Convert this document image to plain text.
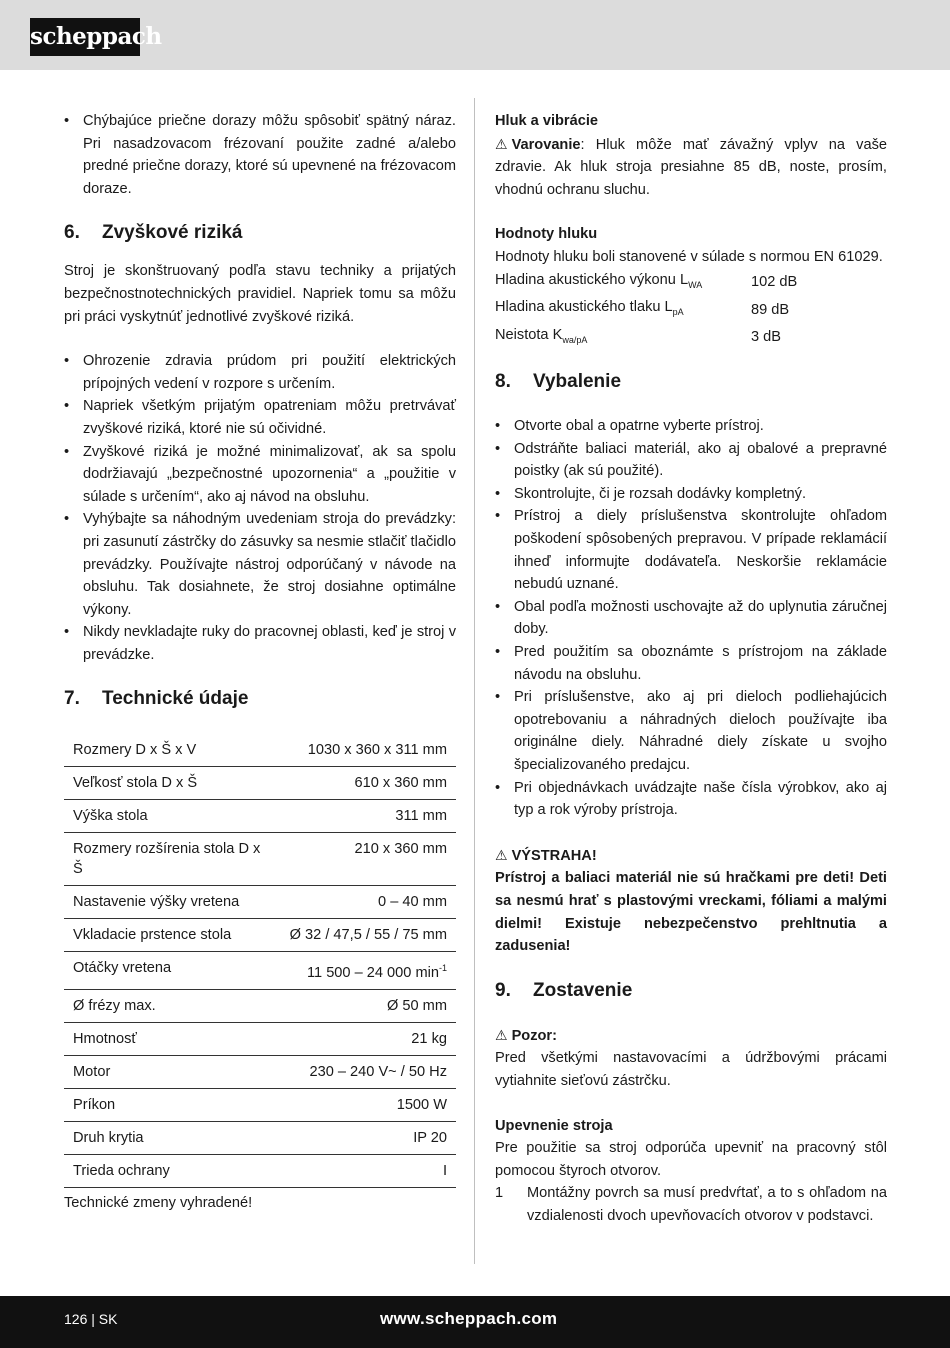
scheppach
• Chýbajúce priečne dorazy môžu spôsobiť spätný náraz. Pri nasadzovacom frézovaní použite zadné a/alebo predné priečne dorazy, ktoré sú upevnené na frézovacom doraze.
6. Zvyškové riziká

Stroj je skonštruovaný podľa stavu techniky a prijatých bezpečnostnotechnických pravidiel. Napriek tomu sa môžu pri práci vyskytnúť jednotlivé zvyškové riziká.

• Ohrozenie zdravia prúdom pri použití elektrických prípojných vedení v rozpore s určením.
• Napriek všetkým prijatým opatreniam môžu pretrvávať zvyškové riziká, ktoré nie sú očividné.
• Zvyškové riziká je možné minimalizovať, ak sa spolu dodržiavajú „bezpečnostné upozornenia“ a „použitie v súlade s určením“, ako aj návod na obsluhu.
• Vyhýbajte sa náhodným uvedeniam stroja do prevádzky: pri zasunutí zástrčky do zásuvky sa nesmie stlačiť tlačidlo prevádzky. Používajte nástroj odporúčaný v návode na obsluhu. Tak dosiahnete, že stroj dosiahne optimálne výkony.
• Nikdy nevkladajte ruky do pracovnej oblasti, keď je stroj v prevádzke.
7. Technické údaje
Rozmery D x Š x V	1030 x 360 x 311 mm
Veľkosť stola D x Š	610 x 360 mm
Výška stola	311 mm
Rozmery rozšírenia stola D x Š	210 x 360 mm
Nastavenie výšky vretena	0 – 40 mm
Vkladacie prstence stola	Ø 32 / 47,5 / 55 / 75 mm
Otáčky vretena	11 500 – 24 000 $\min^{-1}$
Ø frézy max.	Ø 50 mm
Hmotnosť	21 kg
Motor	230 – 240 V~ / 50 Hz
Príkon	1500 W
Druh krytia	IP 20
Trieda ochrany	I

Technické zmeny vyhradené!

Hluk a vibrácie

⚠ Varovanie: Hluk môže mať závažný vplyv na vaše zdravie. Ak hluk stroja presiahne 85 dB, noste, prosím, vhodnú ochranu sluchu.

Hodnoty hluku

Hodnoty hluku boli stanovené v súlade s normou EN 61029.

Hladina akustického výkonu $L_{WA}$	102 dB
Hladina akustického tlaku $L_{pA}$	89 dB
Neistota $K_{wa/pA}$	3 dB
8. Vybalenie
• Otvorte obal a opatrne vyberte prístroj.
• Odstráňte baliaci materiál, ako aj obalové a prepravné poistky (ak sú použité).
• Skontrolujte, či je rozsah dodávky kompletný.
• Prístroj a diely príslušenstva skontrolujte ohľadom poškodení spôsobených prepravou. V prípade reklamácií ihneď informujte dodávateľa. Neskoršie reklamácie nebudú uznané.
• Obal podľa možnosti uschovajte až do uplynutia záručnej doby.
• Pred použitím sa oboznámte s prístrojom na základe návodu na obsluhu.
• Pri príslušenstve, ako aj pri dieloch podliehajúcich opotrebovaniu a náhradných dieloch používajte iba originálne diely. Náhradné diely získate u svojho špecializovaného predajcu.
• Pri objednávkach uvádzajte naše čísla výrobkov, ako aj typ a rok výroby prístroja.
⚠ VÝSTRAHA!

Prístroj a baliaci materiál nie sú hračkami pre deti! Deti sa nesmú hrať s plastovými vreckami, fóliami a malými dielmi! Existuje nebezpečenstvo prehltnutia a zadusenia!

9. Zostavenie
⚠ Pozor:

Pred všetkými nastavovacími a údržbovými prácami vytiahnite sieťovú zástrčku.

Upevnenie stroja

Pre použitie sa stroj odporúča upevniť na pracovný stôl pomocou štyroch otvorov.

1 Montážny povrch sa musí predvŕtať, a to s ohľadom na vzdialenosti dvoch upevňovacích otvorov v podstavci.
126 | SK	www.scheppach.com
